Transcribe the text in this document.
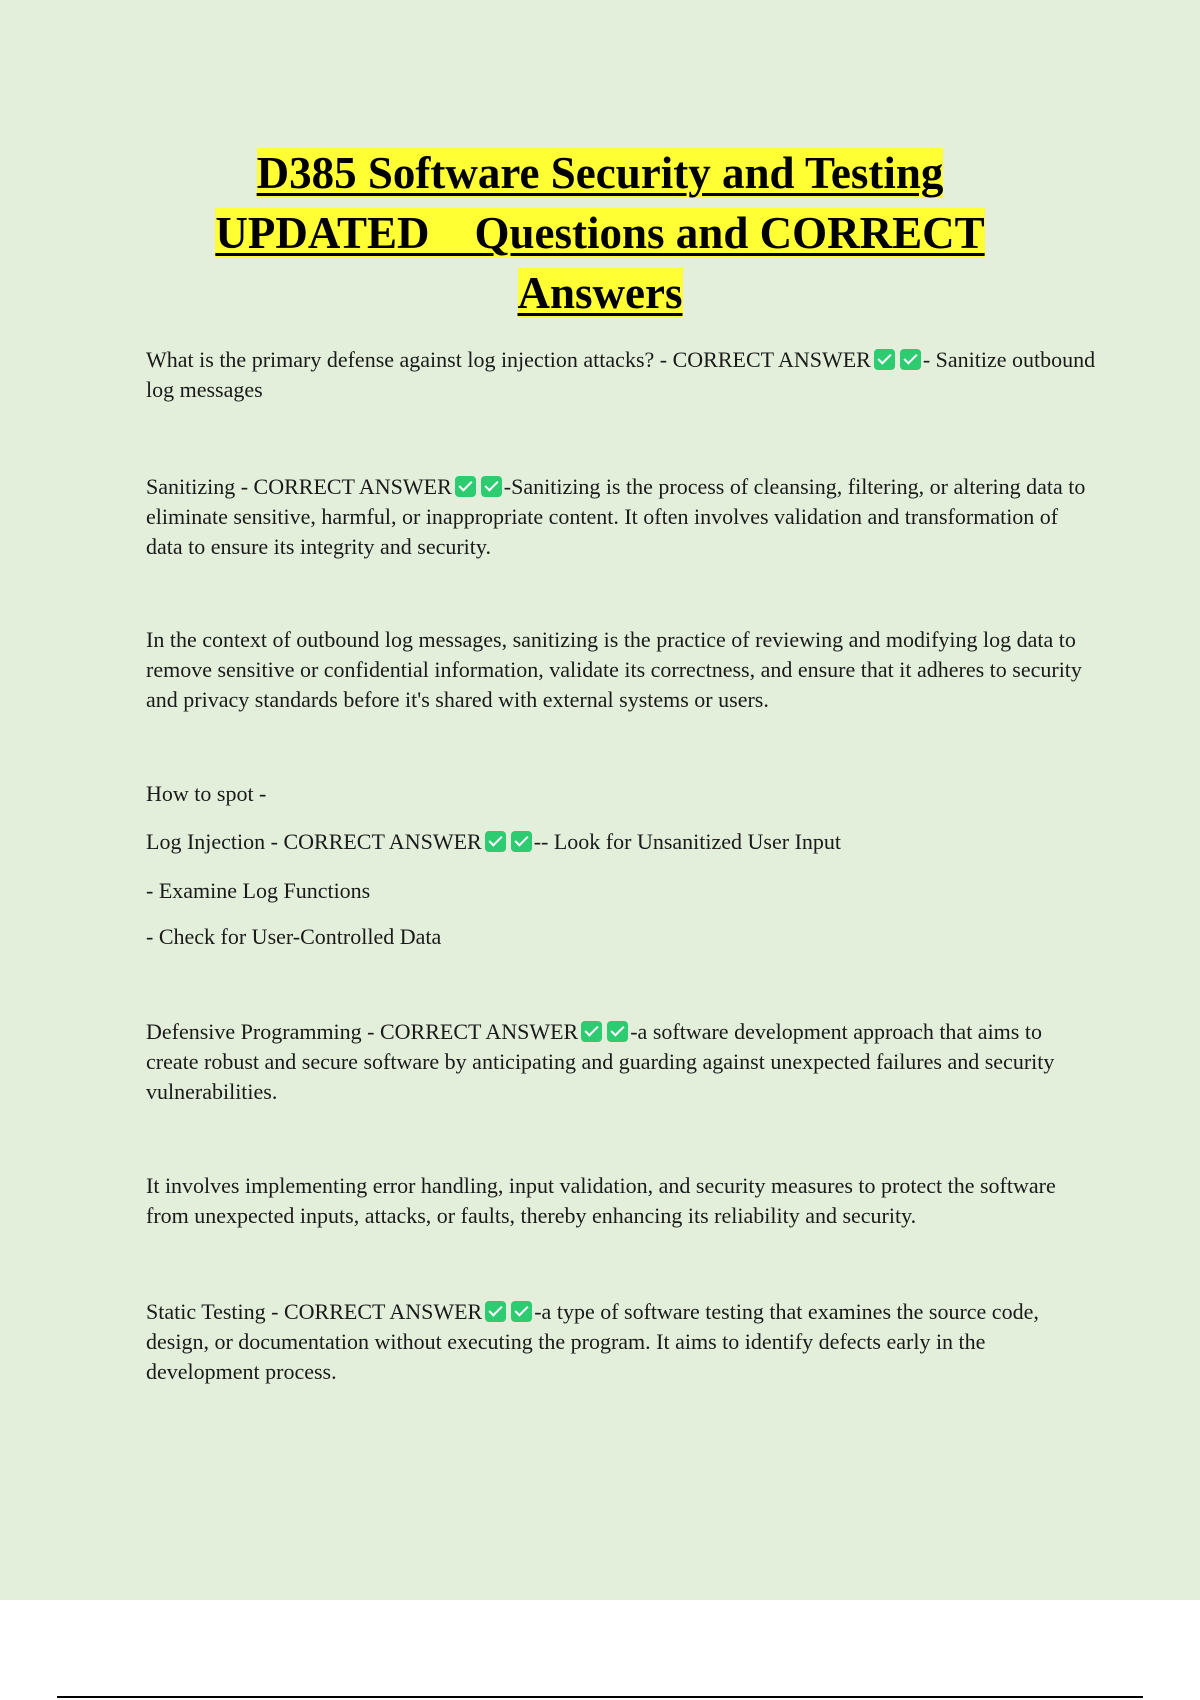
D385 Software Security and Testing
UPDATED    Questions and CORRECT
Answers

What is the primary defense against log injection attacks? - CORRECT ANSWER - Sanitize outbound log messages

Sanitizing - CORRECT ANSWER -Sanitizing is the process of cleansing, filtering, or altering data to eliminate sensitive, harmful, or inappropriate content. It often involves validation and transformation of data to ensure its integrity and security.

In the context of outbound log messages, sanitizing is the practice of reviewing and modifying log data to remove sensitive or confidential information, validate its correctness, and ensure that it adheres to security and privacy standards before it's shared with external systems or users.

How to spot -

Log Injection - CORRECT ANSWER -- Look for Unsanitized User Input

- Examine Log Functions

- Check for User-Controlled Data

Defensive Programming - CORRECT ANSWER -a software development approach that aims to create robust and secure software by anticipating and guarding against unexpected failures and security vulnerabilities.

It involves implementing error handling, input validation, and security measures to protect the software from unexpected inputs, attacks, or faults, thereby enhancing its reliability and security.

Static Testing - CORRECT ANSWER -a type of software testing that examines the source code, design, or documentation without executing the program. It aims to identify defects early in the development process.
